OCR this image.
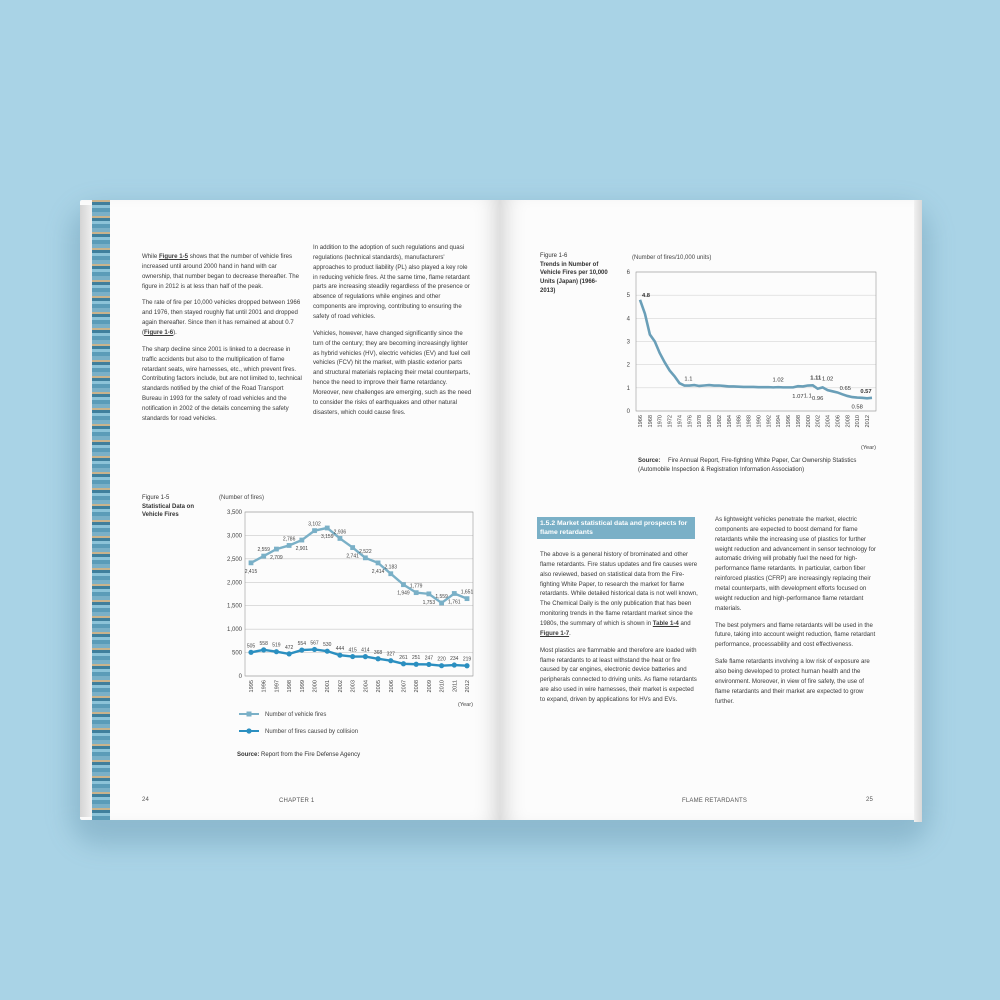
While Figure 1-5 shows that the number of vehicle fires increased until around 2000 hand in hand with car ownership, that number began to decrease thereafter. The figure in 2012 is at less than half of the peak.

The rate of fire per 10,000 vehicles dropped between 1966 and 1976, then stayed roughly flat until 2001 and dropped again thereafter. Since then it has remained at about 0.7 (Figure 1-6).

The sharp decline since 2001 is linked to a decrease in traffic accidents but also to the multiplication of flame retardant seats, wire harnesses, etc., which prevent fires. Contributing factors include, but are not limited to, technical standards notified by the chief of the Road Transport Bureau in 1993 for the safety of road vehicles and the notification in 2002 of the details concerning the safety standards for road vehicles.

In addition to the adoption of such regulations and quasi regulations (technical standards), manufacturers' approaches to product liability (PL) also played a key role in reducing vehicle fires. At the same time, flame retardant parts are increasing steadily regardless of the presence or absence of regulations while engines and other components are improving, contributing to ensuring the safety of road vehicles.

Vehicles, however, have changed significantly since the turn of the century; they are becoming increasingly lighter as hybrid vehicles (HV), electric vehicles (EV) and fuel cell vehicles (FCV) hit the market, with plastic exterior parts and structural materials replacing their metal counterparts, hence the need to improve their flame retardancy. Moreover, new challenges are emerging, such as the need to consider the risks of earthquakes and other natural disasters, which could cause fires.

Figure 1-5
Statistical Data on Vehicle Fires
(Number of fires)
0
500
1,000
1,500
2,000
2,500
3,000
3,500
1995 1996 1997 1998 1999 2000 2001 2002 2003 2004 2005 2006 2007 2008 2009 2010 2011 2012
(Year)
2,415
2,559
2,709
2,786
2,901
3,102
3,159
2,936
2,741
2,522
2,414
2,183
1,949
1,779
1,753
1,559
1,761
1,651
505 558 519 472
554 567 530
444 415 414 368 327
261 251 247 220 234 219
Number of vehicle fires
Number of fires caused by collision
Source: Report from the Fire Defense Agency
24	CHAPTER 1
Figure 1-6
Trends in Number of Vehicle Fires per 10,000 Units (Japan) (1966-2013)
(Number of fires/10,000 units)
0
1
2
3
4
5
6
1966 1968 1970 1972 1974 1976 1978 1980 1982 1984 1986 1988 1990 1992 1994 1996 1998 2000 2002 2004 2006 2008 2010 2012
(Year)
4.8
1.1	1.02
1.07
1.11
0.96
1.02
1.1
0.65
0.58
0.57
Source: Fire Annual Report, Fire-fighting White Paper, Car Ownership Statistics (Automobile Inspection & Registration Information Association)
1.5.2 Market statistical data and prospects for flame retardants

The above is a general history of brominated and other flame retardants. Fire status updates and fire causes were also reviewed, based on statistical data from the Fire-fighting White Paper, to research the market for flame retardants. While detailed historical data is not well known, The Chemical Daily is the only publication that has been monitoring trends in the flame retardant market since the 1980s, the summary of which is shown in Table 1-4 and Figure 1-7.

Most plastics are flammable and therefore are loaded with flame retardants to at least withstand the heat or fire caused by car engines, electronic device batteries and peripherals connected to driving units. As flame retardants are also used in wire harnesses, their market is expected to expand, driven by applications for HVs and EVs.

As lightweight vehicles penetrate the market, electric components are expected to boost demand for flame retardants while the increasing use of plastics for further weight reduction and advancement in sensor technology for automatic driving will probably fuel the need for high-performance flame retardants. In particular, carbon fiber reinforced plastics (CFRP) are increasingly replacing their metal counterparts, with development efforts focused on weight reduction and high-performance flame retardant materials.

The best polymers and flame retardants will be used in the future, taking into account weight reduction, flame retardant performance, processability and cost effectiveness.

Safe flame retardants involving a low risk of exposure are also being developed to protect human health and the environment. Moreover, in view of fire safety, the use of flame retardants and their market are expected to grow further.

FLAME RETARDANTS	25
